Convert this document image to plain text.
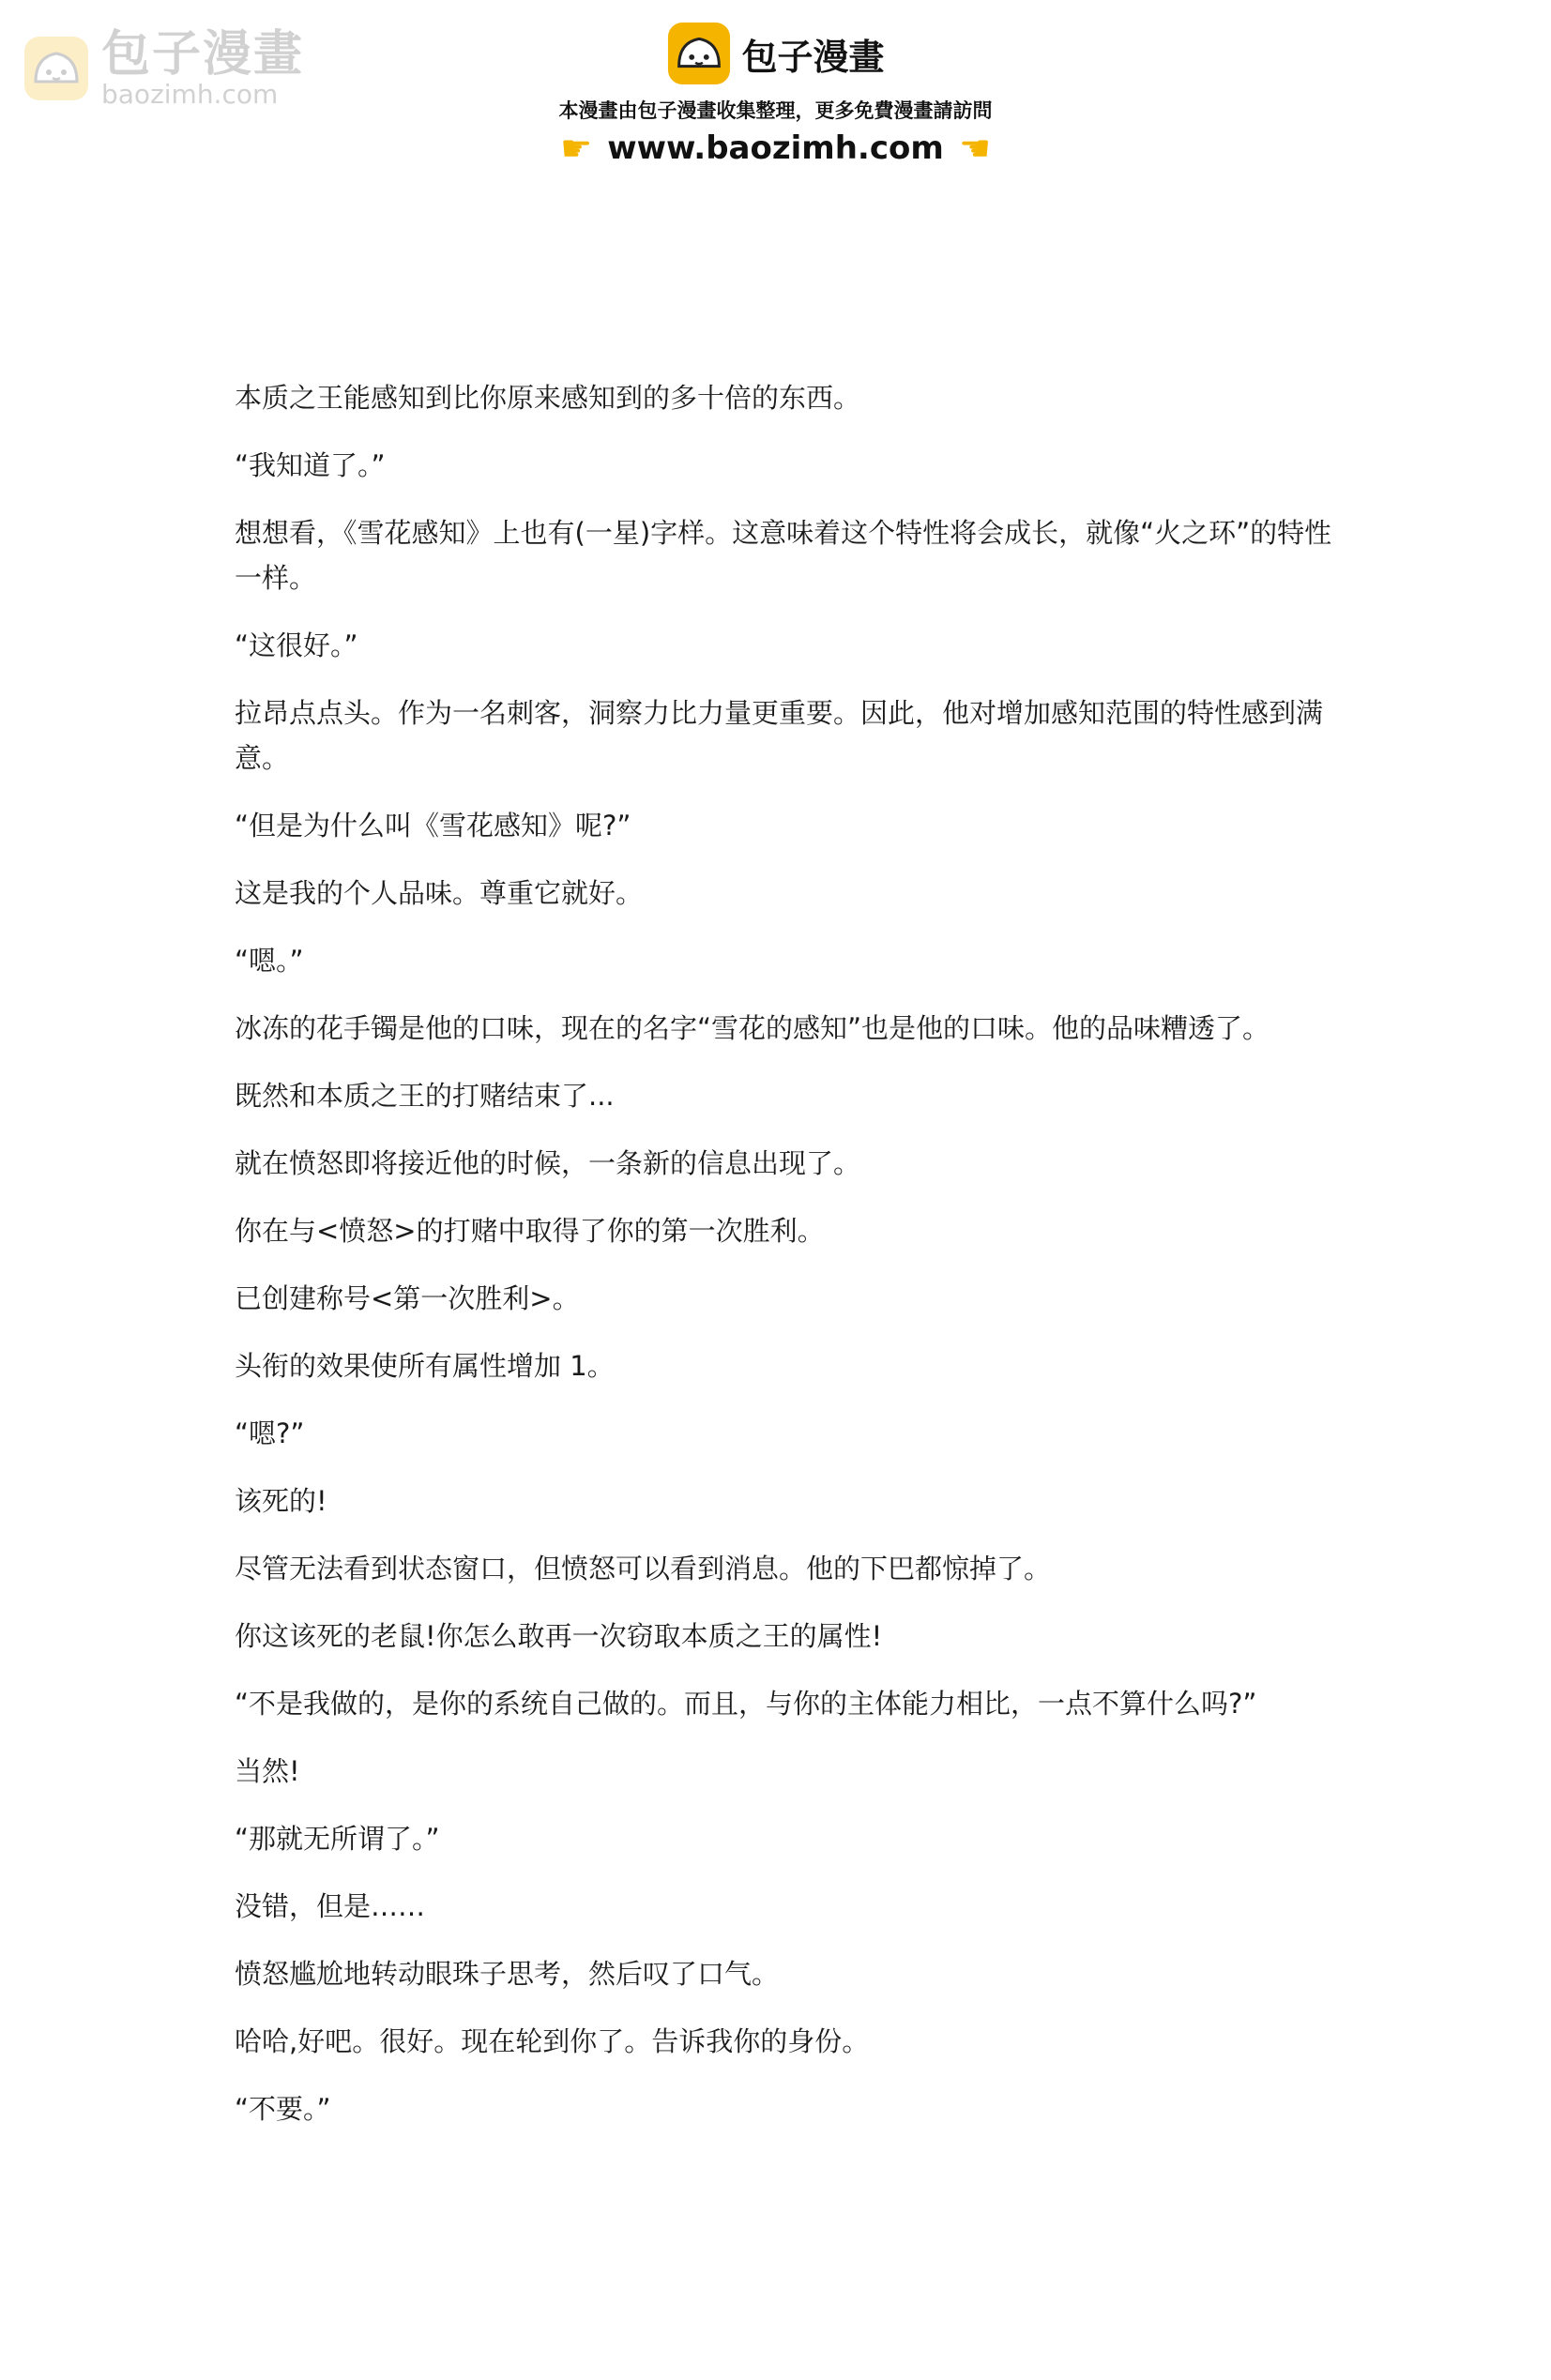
包子漫畫
baozimh.com
包子漫畫
本漫畫由包子漫畫收集整理，更多免費漫畫請訪問
☛ www.baozimh.com ☛

本质之王能感知到比你原来感知到的多十倍的东西。

“我知道了。”

想想看，《雪花感知》上也有(一星)字样。这意味着这个特性将会成长，就像“火之环”的特性一样。

“这很好。”

拉昂点点头。作为一名刺客，洞察力比力量更重要。因此，他对增加感知范围的特性感到满意。

“但是为什么叫《雪花感知》呢?”

这是我的个人品味。尊重它就好。

“嗯。”

冰冻的花手镯是他的口味，现在的名字“雪花的感知”也是他的口味。他的品味糟透了。

既然和本质之王的打赌结束了...

就在愤怒即将接近他的时候，一条新的信息出现了。

你在与<愤怒>的打赌中取得了你的第一次胜利。

已创建称号<第一次胜利>。

头衔的效果使所有属性增加 1。

“嗯?”

该死的!

尽管无法看到状态窗口，但愤怒可以看到消息。他的下巴都惊掉了。

你这该死的老鼠!你怎么敢再一次窃取本质之王的属性!

“不是我做的，是你的系统自己做的。而且，与你的主体能力相比，一点不算什么吗?”

当然!

“那就无所谓了。”

没错，但是……

愤怒尴尬地转动眼珠子思考，然后叹了口气。

哈哈,好吧。很好。现在轮到你了。告诉我你的身份。

“不要。”
